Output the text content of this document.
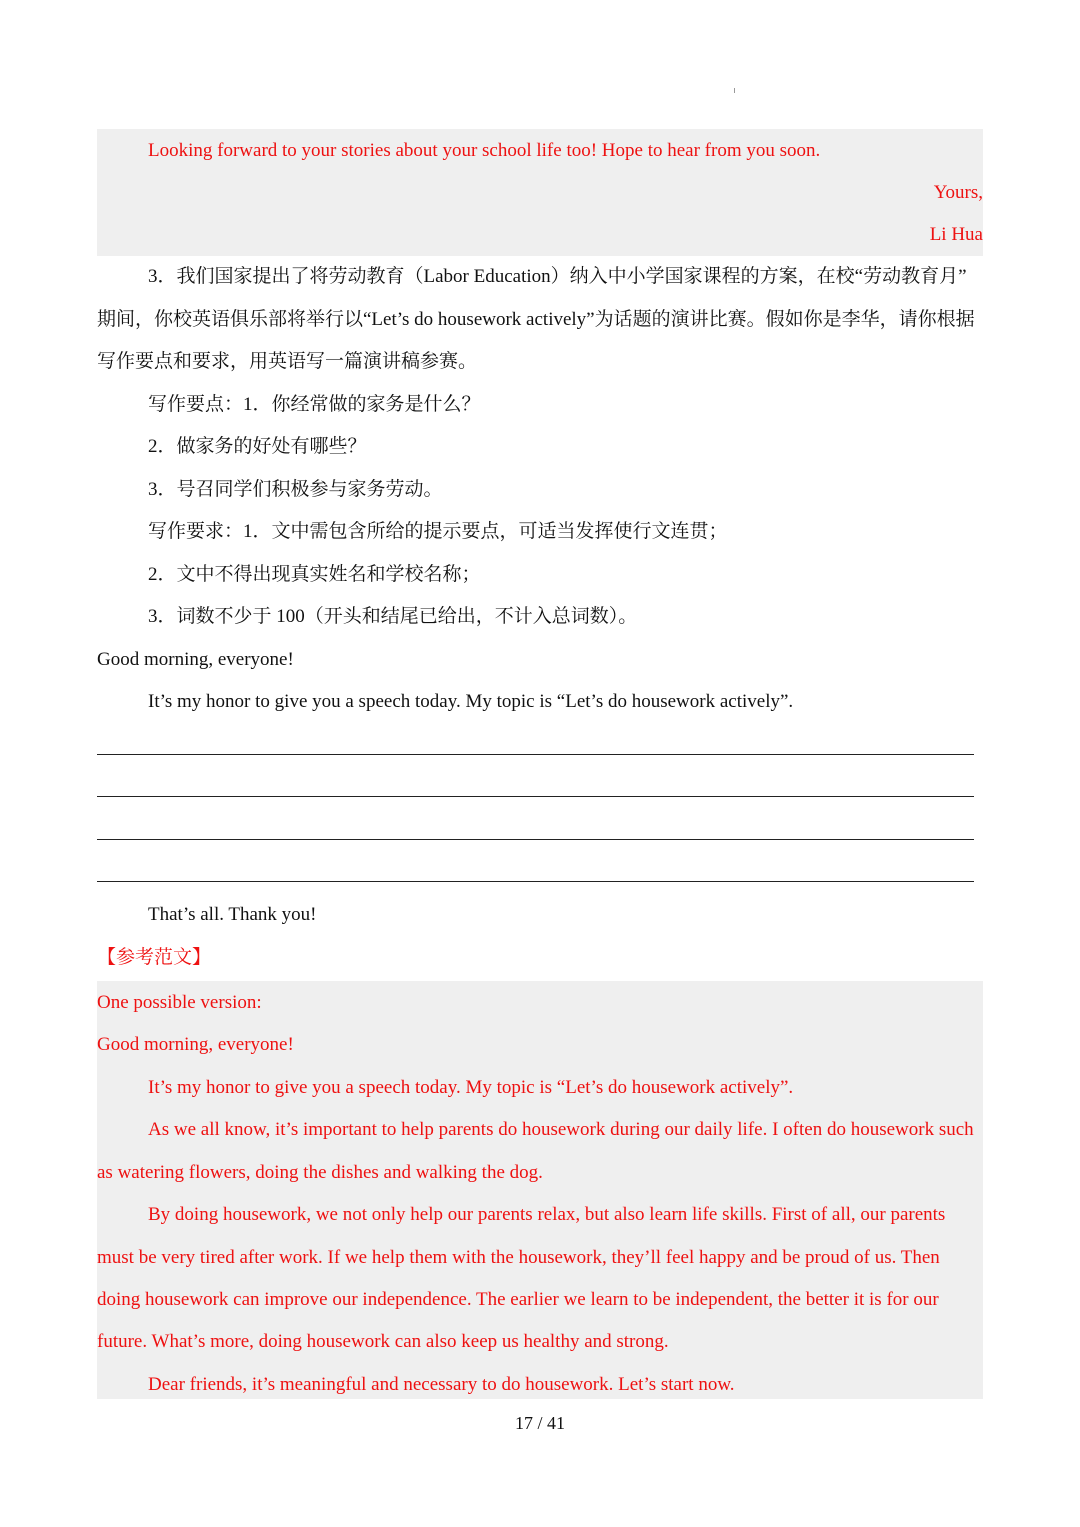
Looking forward to your stories about your school life too! Hope to hear from you soon.
Yours,
Li Hua
3．我们国家提出了将劳动教育（Labor Education）纳入中小学国家课程的方案，在校“劳动教育月”
期间，你校英语俱乐部将举行以“Let’s do housework actively”为话题的演讲比赛。假如你是李华，请你根据
写作要点和要求，用英语写一篇演讲稿参赛。
写作要点：1．你经常做的家务是什么？
2．做家务的好处有哪些？
3．号召同学们积极参与家务劳动。
写作要求：1．文中需包含所给的提示要点，可适当发挥使行文连贯；
2．文中不得出现真实姓名和学校名称；
3．词数不少于 100（开头和结尾已给出，不计入总词数）。
Good morning, everyone!
It’s my honor to give you a speech today. My topic is “Let’s do housework actively”.
That’s all. Thank you!
【参考范文】
One possible version:
Good morning, everyone!
It’s my honor to give you a speech today. My topic is “Let’s do housework actively”.
As we all know, it’s important to help parents do housework during our daily life. I often do housework such
as watering flowers, doing the dishes and walking the dog.
By doing housework, we not only help our parents relax, but also learn life skills. First of all, our parents
must be very tired after work. If we help them with the housework, they’ll feel happy and be proud of us. Then
doing housework can improve our independence. The earlier we learn to be independent, the better it is for our
future. What’s more, doing housework can also keep us healthy and strong.
Dear friends, it’s meaningful and necessary to do housework. Let’s start now.
17 / 41
